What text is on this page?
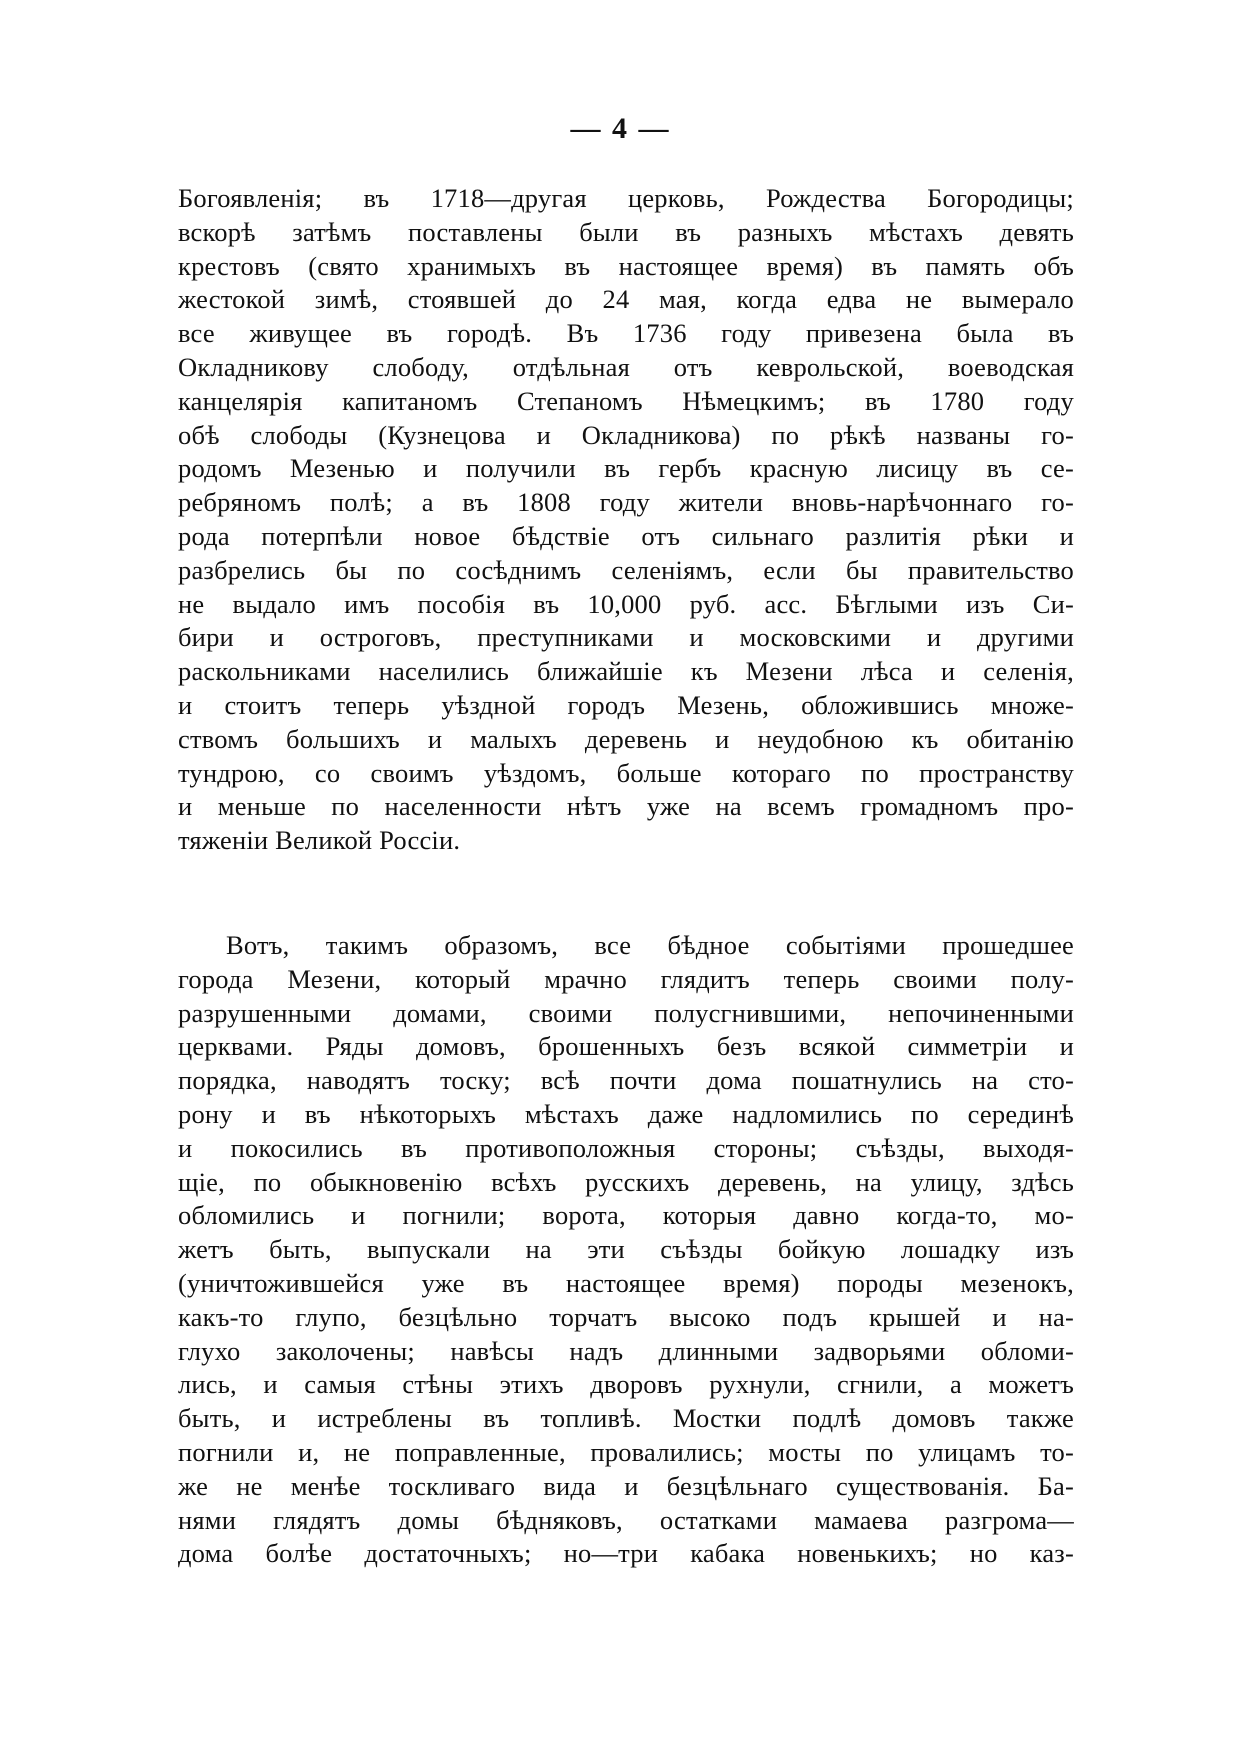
— 4 —
Богоявленія; въ 1718—другая церковь, Рождества Богородицы;
вскорѣ затѣмъ поставлены были въ разныхъ мѣстахъ девять
крестовъ (свято хранимыхъ въ настоящее время) въ память объ
жестокой зимѣ, стоявшей до 24 мая, когда едва не вымерало
все живущее въ городѣ. Въ 1736 году привезена была въ
Окладникову слободу, отдѣльная отъ кеврольской, воеводская
канцелярія капитаномъ Степаномъ Нѣмецкимъ; въ 1780 году
обѣ слободы (Кузнецова и Окладникова) по рѣкѣ названы го-
родомъ Мезенью и получили въ гербъ красную лисицу въ се-
ребряномъ полѣ; а въ 1808 году жители вновь-нарѣчоннаго го-
рода потерпѣли новое бѣдствіе отъ сильнаго разлитія рѣки и
разбрелись бы по сосѣднимъ селеніямъ, если бы правительство
не выдало имъ пособія въ 10,000 руб. асс. Бѣглыми изъ Си-
бири и остроговъ, преступниками и московскими и другими
раскольниками населились ближайшіе къ Мезени лѣса и селенія,
и стоитъ теперь уѣздной городъ Мезень, обложившись множе-
ствомъ большихъ и малыхъ деревень и неудобною къ обитанію
тундрою, со своимъ уѣздомъ, больше котораго по пространству
и меньше по населенности нѣтъ уже на всемъ громадномъ про-
тяженіи Великой Россіи.
Вотъ, такимъ образомъ, все бѣдное событіями прошедшее
города Мезени, который мрачно глядитъ теперь своими полу-
разрушенными домами, своими полусгнившими, непочиненными
церквами. Ряды домовъ, брошенныхъ безъ всякой симметріи и
порядка, наводятъ тоску; всѣ почти дома пошатнулись на сто-
рону и въ нѣкоторыхъ мѣстахъ даже надломились по серединѣ
и покосились въ противоположныя стороны; съѣзды, выходя-
щіе, по обыкновенію всѣхъ русскихъ деревень, на улицу, здѣсь
обломились и погнили; ворота, которыя давно когда-то, мо-
жетъ быть, выпускали на эти съѣзды бойкую лошадку изъ
(уничтожившейся уже въ настоящее время) породы мезенокъ,
какъ-то глупо, безцѣльно торчатъ высоко подъ крышей и на-
глухо заколочены; навѣсы надъ длинными задворьями обломи-
лись, и самыя стѣны этихъ дворовъ рухнули, сгнили, а можетъ
быть, и истреблены въ топливѣ. Мостки подлѣ домовъ также
погнили и, не поправленные, провалились; мосты по улицамъ то-
же не менѣе тоскливаго вида и безцѣльнаго существованія. Ба-
нями глядятъ домы бѣдняковъ, остатками мамаева разгрома—
дома болѣе достаточныхъ; но—три кабака новенькихъ; но каз-
